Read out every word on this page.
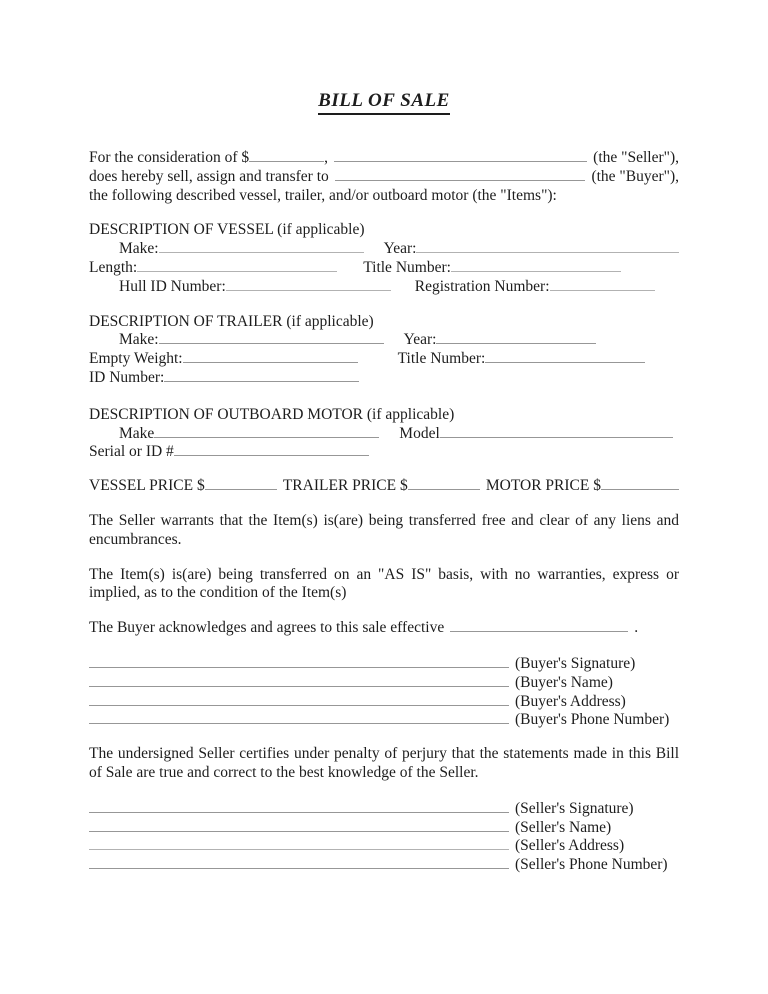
BILL OF SALE
For the consideration of $	,	(the "Seller"),
does hereby sell, assign and transfer to	(the "Buyer"),
the following described vessel, trailer, and/or outboard motor (the "Items"):
DESCRIPTION OF VESSEL (if applicable)
Make:	Year:
Length:	Title Number:
Hull ID Number:	Registration Number:
DESCRIPTION OF TRAILER (if applicable)
Make:	Year:
Empty Weight:	Title Number:
ID Number:
DESCRIPTION OF OUTBOARD MOTOR (if applicable)
Make	Model
Serial or ID #
VESSEL PRICE $	TRAILER PRICE $	MOTOR PRICE $
The Seller warrants that the Item(s) is(are) being transferred free and clear of any liens and encumbrances.
The Item(s) is(are) being transferred on an "AS IS" basis, with no warranties, express or implied, as to the condition of the Item(s)
The Buyer acknowledges and agrees to this sale effective	.
(Buyer's Signature)
(Buyer's Name)
(Buyer's Address)
(Buyer's Phone Number)
The undersigned Seller certifies under penalty of perjury that the statements made in this Bill of Sale are true and correct to the best knowledge of the Seller.
(Seller's Signature)
(Seller's Name)
(Seller's Address)
(Seller's Phone Number)
